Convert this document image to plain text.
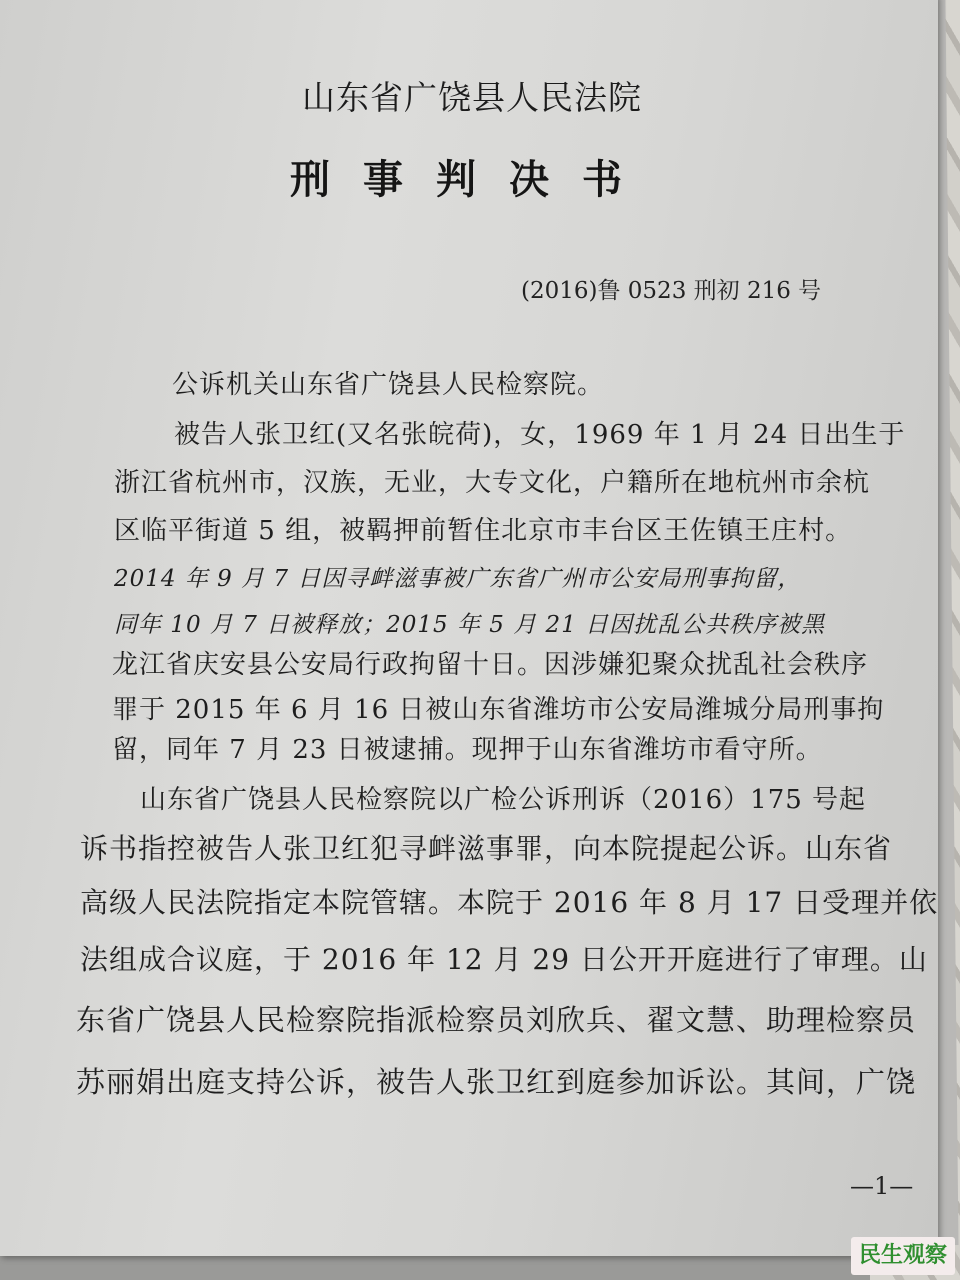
山东省广饶县人民法院
刑事判决书
(2016)鲁 0523 刑初 216 号
公诉机关山东省广饶县人民检察院。
被告人张卫红(又名张皖荷)，女，1969 年 1 月 24 日出生于
浙江省杭州市，汉族，无业，大专文化，户籍所在地杭州市余杭
区临平街道 5 组，被羁押前暂住北京市丰台区王佐镇王庄村。
2014 年 9 月 7 日因寻衅滋事被广东省广州市公安局刑事拘留，
同年 10 月 7 日被释放；2015 年 5 月 21 日因扰乱公共秩序被黑
龙江省庆安县公安局行政拘留十日。因涉嫌犯聚众扰乱社会秩序
罪于 2015 年 6 月 16 日被山东省潍坊市公安局潍城分局刑事拘
留，同年 7 月 23 日被逮捕。现押于山东省潍坊市看守所。
山东省广饶县人民检察院以广检公诉刑诉（2016）175 号起
诉书指控被告人张卫红犯寻衅滋事罪，向本院提起公诉。山东省
高级人民法院指定本院管辖。本院于 2016 年 8 月 17 日受理并依
法组成合议庭，于 2016 年 12 月 29 日公开开庭进行了审理。山
东省广饶县人民检察院指派检察员刘欣兵、翟文慧、助理检察员
苏丽娟出庭支持公诉，被告人张卫红到庭参加诉讼。其间，广饶
—1—
民生观察
